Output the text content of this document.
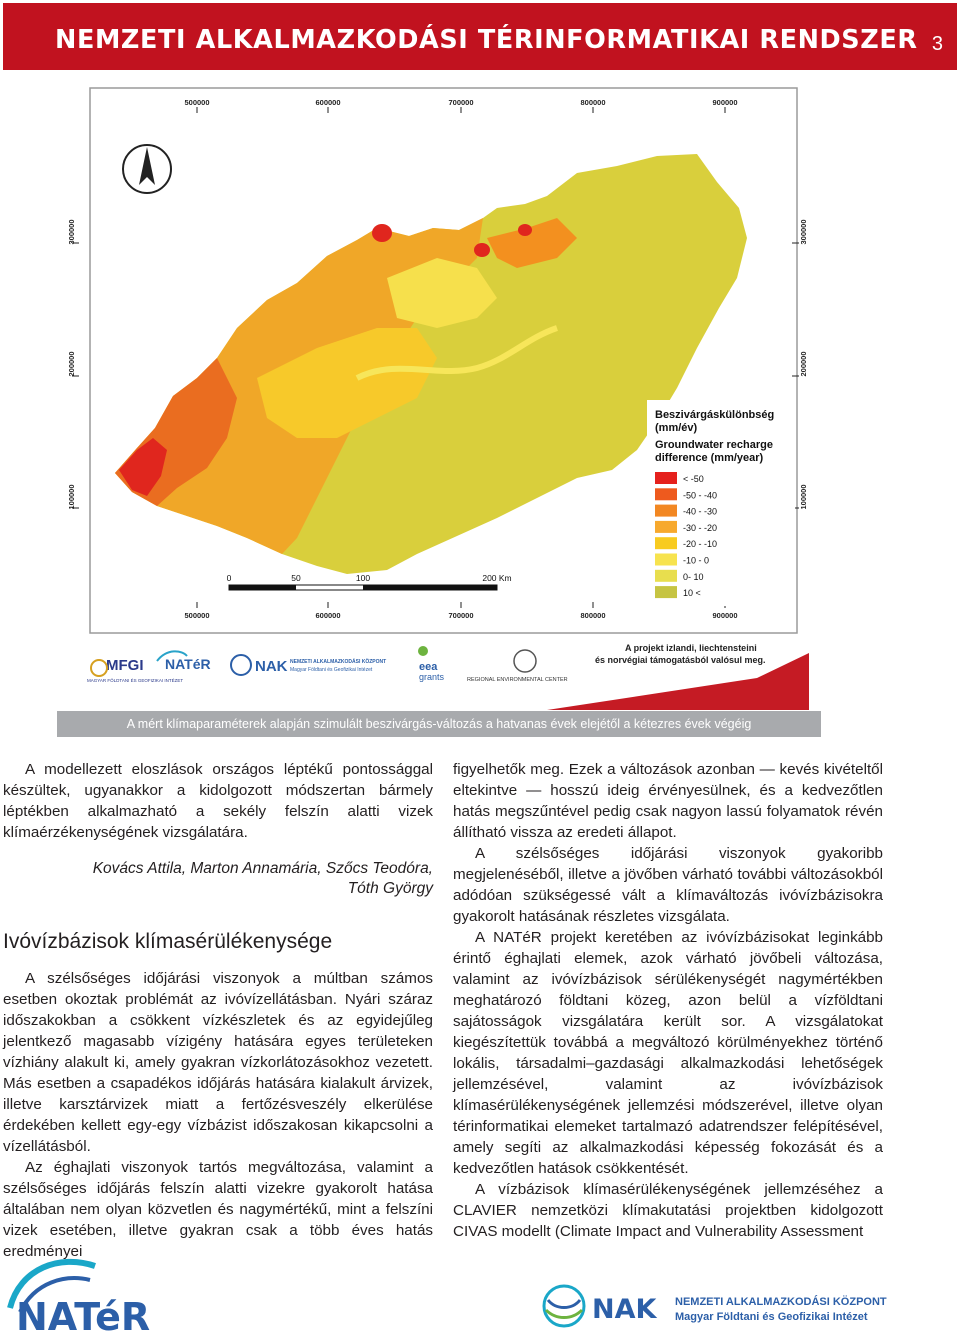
NEMZETI ALKALMAZKODÁSI TÉRINFORMATIKAI RENDSZER 3
500000	600000	700000	800000	900000
500000	600000	700000	800000	900000
300000
200000
100000
300000
200000
100000
Beszivárgáskülönbség (mm/év)
Groundwater recharge difference (mm/year)
< -50
-50 - -40
-40 - -30
-30 - -20
-20 - -10
-10 - 0
0- 10
10 <
0	50	100	200 Km
MFGI
MAGYAR FÖLDTANI ÉS GEOFIZIKAI INTÉZET
NATéR	NAK NEMZETI ALKALMAZKODÁSI KÖZPONT
Magyar Földtani és Geofizikai Intézet	eea
grants	REGIONAL ENVIRONMENTAL CENTER
A projekt izlandi, liechtensteini
és norvégiai támogatásból valósul meg.
A mért klímaparaméterek alapján szimulált beszivárgás-változás a hatvanas évek elejétől a kétezres évek végéig

A modellezett eloszlások országos léptékű pontossággal készültek, ugyanakkor a kidolgozott módszertan bármely léptékben alkalmazható a sekély felszín alatti vizek klímaérzékenységének vizsgálatára.

Kovács Attila, Marton Annamária, Szőcs Teodóra,
Tóth György
Ivóvízbázisok klímasérülékenysége

A szélsőséges időjárási viszonyok a múltban számos esetben okoztak problémát az ivóvízellátásban. Nyári száraz időszakokban a csökkent vízkészletek és az egyidejűleg jelentkező magasabb vízigény hatására egyes területeken vízhiány alakult ki, amely gyakran vízkorlátozásokhoz vezetett. Más esetben a csapadékos időjárás hatására kialakult árvizek, illetve karsztárvizek miatt a fertőzésveszély elkerülése érdekében kellett egy-egy vízbázist időszakosan kikapcsolni a vízellátásból.

Az éghajlati viszonyok tartós megváltozása, valamint a szélsőséges időjárás felszín alatti vizekre gyakorolt hatása általában nem olyan közvetlen és nagymértékű, mint a felszíni vizek esetében, illetve gyakran csak a több éves hatás eredményei

figyelhetők meg. Ezek a változások azonban — kevés kivételtől eltekintve — hosszú ideig érvényesülnek, és a kedvezőtlen hatás megszűntével pedig csak nagyon lassú folyamatok révén állítható vissza az eredeti állapot.

A szélsőséges időjárási viszonyok gyakoribb megjelenéséből, illetve a jövőben várható további változásokból adódóan szükségessé vált a klímaváltozás ivóvízbázisokra gyakorolt hatásának részletes vizsgálata.

A NATéR projekt keretében az ivóvízbázisokat leginkább érintő éghajlati elemek, azok várható jövőbeli változása, valamint az ivóvízbázisok sérülékenységét nagymértékben meghatározó földtani közeg, azon belül a vízföldtani sajátosságok vizsgálatára került sor. A vizsgálatokat kiegészítettük továbbá a megváltozó körülményekhez történő lokális, társadalmi–gazdasági alkalmazkodási lehetőségek jellemzésével, valamint az ivóvízbázisok klímasérülékenységének jellemzési módszerével, illetve olyan térinformatikai elemeket tartalmazó adatrendszer felépítésével, amely segíti az alkalmazkodási képesség fokozását és a kedvezőtlen hatások csökkentését.

A vízbázisok klímasérülékenységének jellemzéséhez a CLAVIER nemzetközi klímakutatási projektben kidolgozott CIVAS modellt (Climate Impact and Vulnerability Assessment

NATéR	NAK NEMZETI ALKALMAZKODÁSI KÖZPONT
Magyar Földtani és Geofizikai Intézet
